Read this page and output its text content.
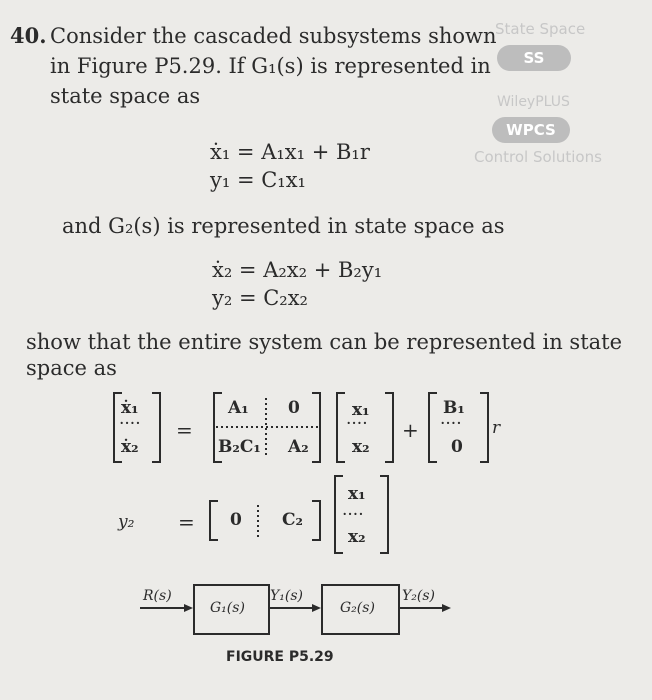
40. Consider the cascaded subsystems shown
in Figure P5.29. If G₁(s) is represented in
state space as
State Space
SS
WileyPLUS
WPCS
Control Solutions
ẋ₁ = A₁x₁ + B₁r
y₁ = C₁x₁
and G₂(s) is represented in state space as
ẋ₂ = A₂x₂ + B₂y₁
y₂ = C₂x₂
show that the entire system can be represented in state
space as
ẋ₁
····
ẋ₂
=
A₁ 0
B₂C₁ A₂
x₁
····
x₂
+
B₁
····
0
r
y₂ = 0 C₂
x₁
····
x₂
R(s)
G₁(s)
Y₁(s)
G₂(s)
Y₂(s)
FIGURE P5.29
